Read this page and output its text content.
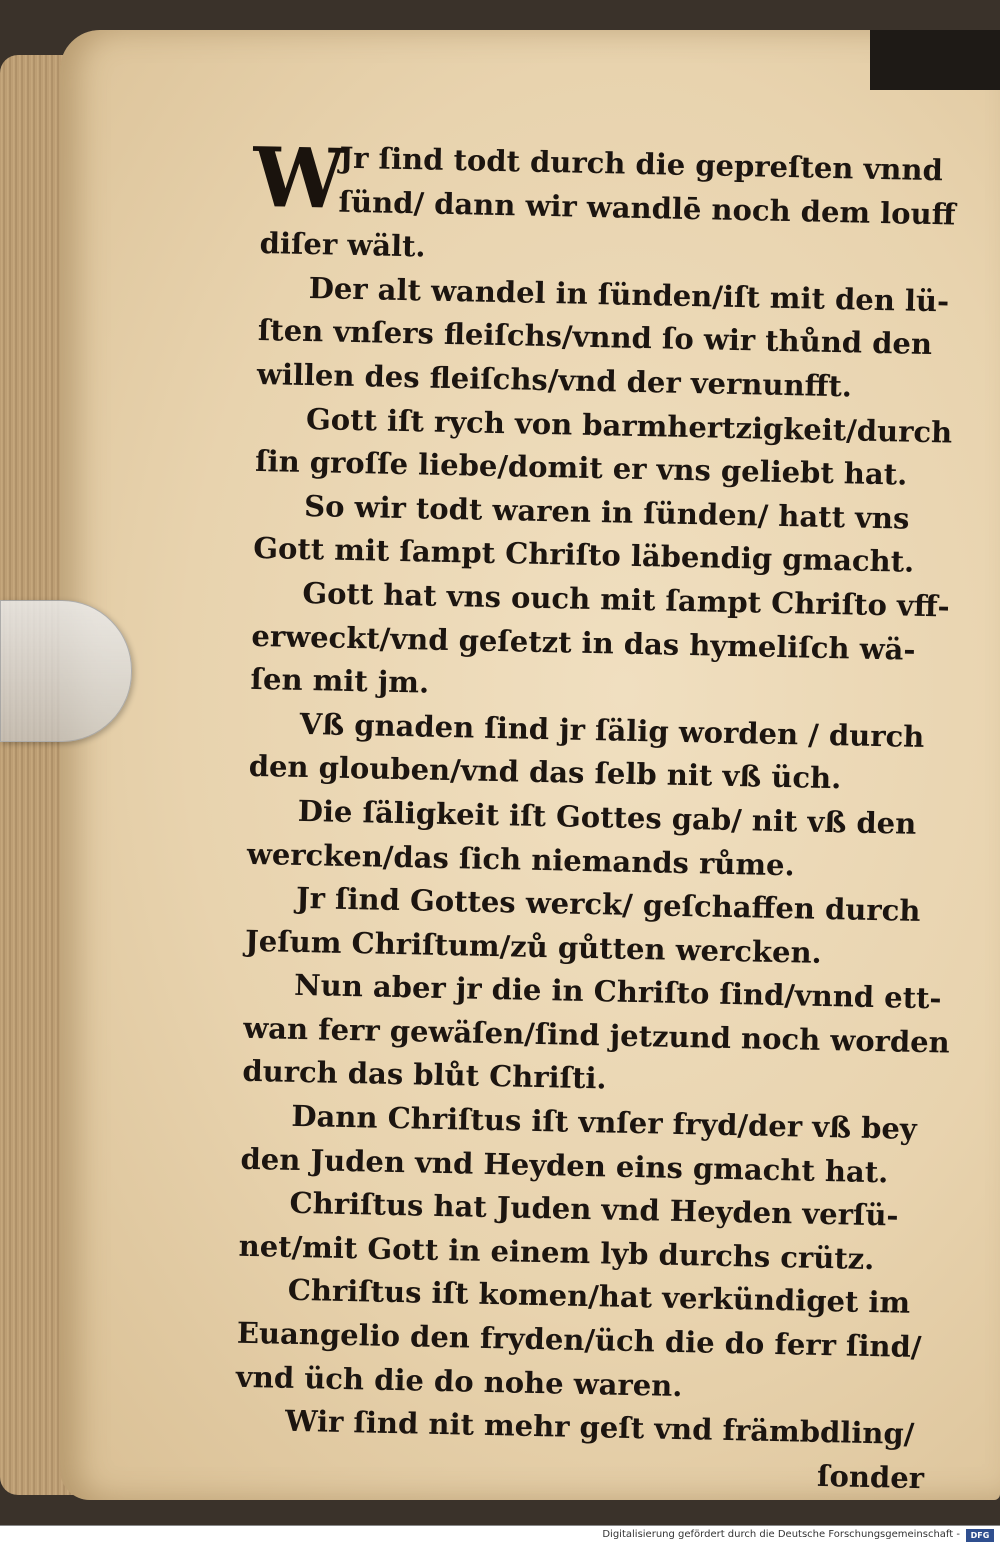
W
Jr ſind todt durch die gepreſten vnnd
ſünd/ dann wir wandlē noch dem louff
diſer wält.
Der alt wandel in ſünden/iſt mit den lü-
ſten vnſers fleiſchs/vnnd ſo wir thůnd den
willen des fleiſchs/vnd der vernunfft.
Gott iſt rych von barmhertzigkeit/durch
ſin groſſe liebe/domit er vns geliebt hat.
So wir todt waren in ſünden/ hatt vns
Gott mit ſampt Chriſto läbendig gmacht.
Gott hat vns ouch mit ſampt Chriſto vff-
erweckt/vnd geſetzt in das hymeliſch wä-
ſen mit jm.
Vß gnaden ſind jr ſälig worden / durch
den glouben/vnd das ſelb nit vß üch.
Die ſäligkeit iſt Gottes gab/ nit vß den
wercken/das ſich niemands růme.
Jr ſind Gottes werck/ geſchaffen durch
Jeſum Chriſtum/zů gůtten wercken.
Nun aber jr die in Chriſto ſind/vnnd ett-
wan ferr gewäſen/ſind jetzund noch worden
durch das blůt Chriſti.
Dann Chriſtus iſt vnſer fryd/der vß bey
den Juden vnd Heyden eins gmacht hat.
Chriſtus hat Juden vnd Heyden verſü-
net/mit Gott in einem lyb durchs crütz.
Chriſtus iſt komen/hat verkündiget im
Euangelio den fryden/üch die do ferr ſind/
vnd üch die do nohe waren.
Wir ſind nit mehr geſt vnd främbdling/
ſonder
Digitalisierung gefördert durch die Deutsche Forschungsgemeinschaft -	DFG
